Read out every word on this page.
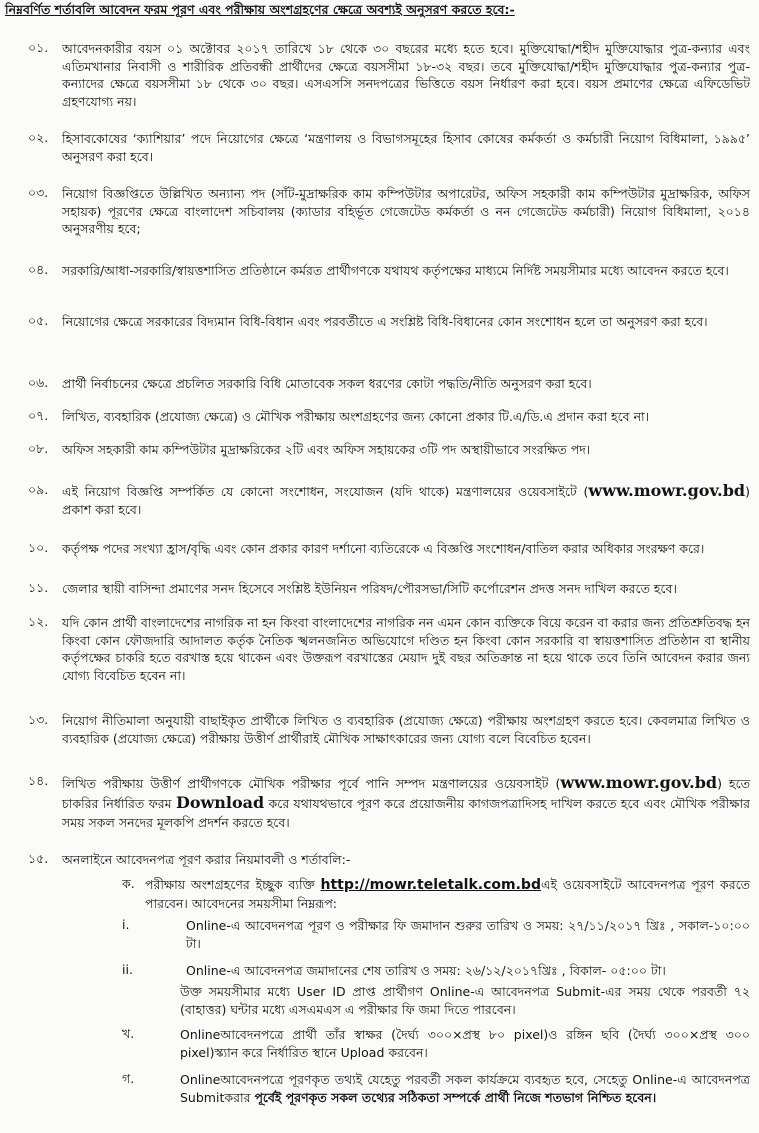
নিম্নবর্ণিত শর্তাবলি আবেদন ফরম পূরণ এবং পরীক্ষায় অংশগ্রহণের ক্ষেত্রে অবশ্যই অনুসরণ করতে হবে:-
০১.	আবেদনকারীর বয়স ০১ অক্টোবর ২০১৭ তারিখে ১৮ থেকে ৩০ বছরের মধ্যে হতে হবে। মুক্তিযোদ্ধা/শহীদ মুক্তিযোদ্ধার পুত্র-কন্যার এবং এতিমখানার নিবাসী ও শারীরিক প্রতিবন্ধী প্রার্থীদের ক্ষেত্রে বয়সসীমা ১৮-৩২ বছর। তবে মুক্তিযোদ্ধা/শহীদ মুক্তিযোদ্ধার পুত্র-কন্যার পুত্র-কন্যাদের ক্ষেত্রে বয়সসীমা ১৮ থেকে ৩০ বছর। এসএসসি সনদপত্রের ভিত্তিতে বয়স নির্ধারণ করা হবে। বয়স প্রমাণের ক্ষেত্রে এফিডেভিট গ্রহণযোগ্য নয়।
০২.	হিসাবকোষের ‘ক্যাশিয়ার’ পদে নিয়োগের ক্ষেত্রে ‘মন্ত্রণালয় ও বিভাগসমূহের হিসাব কোষের কর্মকর্তা ও কর্মচারী নিয়োগ বিধিমালা, ১৯৯৫’ অনুসরণ করা হবে।
০৩.	নিয়োগ বিজ্ঞপ্তিতে উল্লিখিত অন্যান্য পদ (সাঁট-মুদ্রাক্ষরিক কাম কম্পিউটার অপারেটর, অফিস সহকারী কাম কম্পিউটার মুদ্রাক্ষরিক, অফিস সহায়ক) পূরণের ক্ষেত্রে বাংলাদেশ সচিবালয় (ক্যাডার বহির্ভূত গেজেটেড কর্মকর্তা ও নন গেজেটেড কর্মচারী) নিয়োগ বিধিমালা, ২০১৪ অনুসরণীয় হবে;
০৪.	সরকারি/আধা-সরকারি/স্বায়ত্তশাসিত প্রতিষ্ঠানে কর্মরত প্রার্থীগণকে যথাযথ কর্তৃপক্ষের মাধ্যমে নির্দিষ্ট সময়সীমার মধ্যে আবেদন করতে হবে।
০৫.	নিয়োগের ক্ষেত্রে সরকারের বিদ্যমান বিধি-বিধান এবং পরবর্তীতে এ সংশ্লিষ্ট বিধি-বিধানের কোন সংশোধন হলে তা অনুসরণ করা হবে।
০৬.	প্রার্থী নির্বাচনের ক্ষেত্রে প্রচলিত সরকারি বিধি মোতাবেক সকল ধরণের কোটা পদ্ধতি/নীতি অনুসরণ করা হবে।
০৭.	লিখিত, ব্যবহারিক (প্রযোজ্য ক্ষেত্রে) ও মৌখিক পরীক্ষায় অংশগ্রহণের জন্য কোনো প্রকার টি.এ/ডি.এ প্রদান করা হবে না।
০৮.	অফিস সহকারী কাম কম্পিউটার মুদ্রাক্ষরিকের ২টি এবং অফিস সহায়কের ৩টি পদ অস্থায়ীভাবে সংরক্ষিত পদ।
০৯.	এই নিয়োগ বিজ্ঞপ্তি সম্পর্কিত যে কোনো সংশোধন, সংযোজন (যদি থাকে) মন্ত্রণালয়ের ওয়েবসাইটে (www.mowr.gov.bd) প্রকাশ করা হবে।
১০.	কর্তৃপক্ষ পদের সংখ্যা হ্রাস/বৃদ্ধি এবং কোন প্রকার কারণ দর্শানো ব্যতিরেকে এ বিজ্ঞপ্তি সংশোধন/বাতিল করার অধিকার সংরক্ষণ করে।
১১.	জেলার স্থায়ী বাসিন্দা প্রমাণের সনদ হিসেবে সংশ্লিষ্ট ইউনিয়ন পরিষদ/পৌরসভা/সিটি কর্পোরেশন প্রদত্ত সনদ দাখিল করতে হবে।
১২.	যদি কোন প্রার্থী বাংলাদেশের নাগরিক না হন কিংবা বাংলাদেশের নাগরিক নন এমন কোন ব্যক্তিকে বিয়ে করেন বা করার জন্য প্রতিশ্রুতিবদ্ধ হন কিংবা কোন ফৌজদারি আদালত কর্তৃক নৈতিক স্খলনজনিত অভিযোগে দণ্ডিত হন কিংবা কোন সরকারি বা স্বায়ত্তশাসিত প্রতিষ্ঠান বা স্থানীয় কর্তৃপক্ষের চাকরি হতে বরখাস্ত হয়ে থাকেন এবং উক্তরূপ বরখাস্তের মেয়াদ দুই বছর অতিক্রান্ত না হয়ে থাকে তবে তিনি আবেদন করার জন্য যোগ্য বিবেচিত হবেন না।
১৩.	নিয়োগ নীতিমালা অনুযায়ী বাছাইকৃত প্রার্থীকে লিখিত ও ব্যবহারিক (প্রযোজ্য ক্ষেত্রে) পরীক্ষায় অংশগ্রহণ করতে হবে। কেবলমাত্র লিখিত ও ব্যবহারিক (প্রযোজ্য ক্ষেত্রে) পরীক্ষায় উত্তীর্ণ প্রার্থীরাই মৌখিক সাক্ষাৎকারের জন্য যোগ্য বলে বিবেচিত হবেন।
১৪.	লিখিত পরীক্ষায় উত্তীর্ণ প্রার্থীগণকে মৌখিক পরীক্ষার পূর্বে পানি সম্পদ মন্ত্রণালয়ের ওয়েবসাইট (www.mowr.gov.bd) হতে চাকরির নির্ধারিত ফরম Download করে যথাযথভাবে পূরণ করে প্রয়োজনীয় কাগজপত্রাদিসহ দাখিল করতে হবে এবং মৌখিক পরীক্ষার সময় সকল সনদের মূলকপি প্রদর্শন করতে হবে।
১৫.	অনলাইনে আবেদনপত্র পূরণ করার নিয়মাবলী ও শর্তাবলি:-
ক. পরীক্ষায় অংশগ্রহণের ইচ্ছুক ব্যক্তি http://mowr.teletalk.com.bdএই ওয়েবসাইটে আবেদনপত্র পূরণ করতে পারবেন। আবেদনের সময়সীমা নিম্নরূপ:
i.	Online-এ আবেদনপত্র পূরণ ও পরীক্ষার ফি জমাদান শুরুর তারিখ ও সময়: ২৭/১১/২০১৭ খ্রিঃ , সকাল-১০:০০ টা।
ii.	Online-এ আবেদনপত্র জমাদানের শেষ তারিখ ও সময়: ২৬/১২/২০১৭খ্রিঃ , বিকাল- ০৫:০০ টা।
উক্ত সময়সীমার মধ্যে User ID প্রাপ্ত প্রার্থীগণ Online-এ আবেদনপত্র Submit-এর সময় থেকে পরবর্তী ৭২ (বাহাত্তর) ঘন্টার মধ্যে এসএমএস এ পরীক্ষার ফি জমা দিতে পারবেন।
খ.	Onlineআবেদনপত্রে প্রার্থী তাঁর স্বাক্ষর (দৈর্ঘ্য ৩০০×প্রস্থ ৮০ pixel)ও রঙ্গিন ছবি (দৈর্ঘ্য ৩০০×প্রস্থ ৩০০ pixel)স্ক্যান করে নির্ধারিত স্থানে Upload করবেন।
গ.	Onlineআবেদনপত্রে পূরণকৃত তথ্যই যেহেতু পরবর্তী সকল কার্যক্রমে ব্যবহৃত হবে, সেহেতু Online-এ আবেদনপত্র Submitকরার পূর্বেই পূরণকৃত সকল তথ্যের সঠিকতা সম্পর্কে প্রার্থী নিজে শতভাগ নিশ্চিত হবেন।
